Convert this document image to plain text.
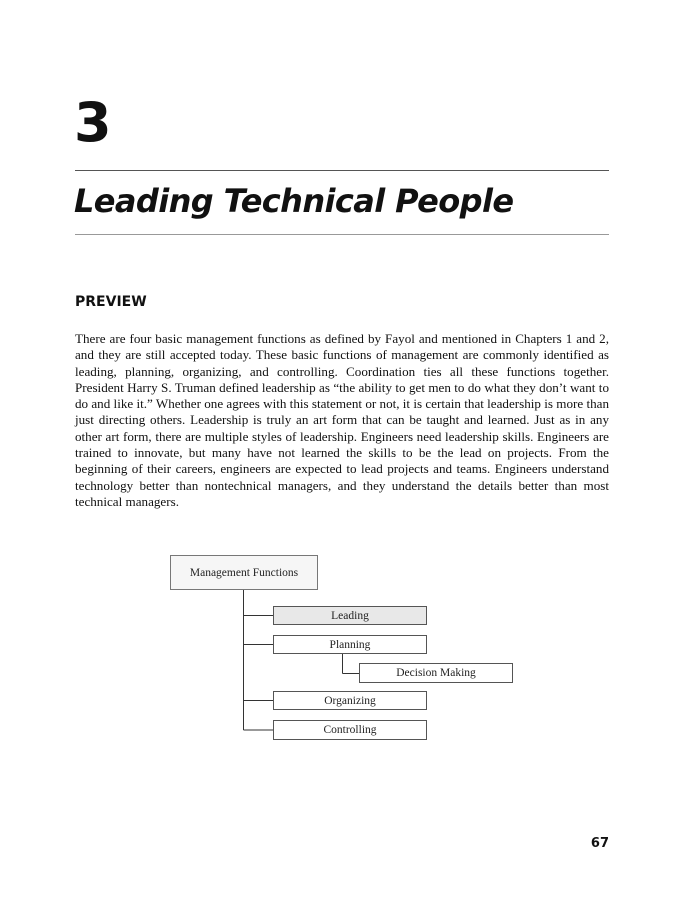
3
Leading Technical People
PREVIEW

There are four basic management functions as defined by Fayol and mentioned in Chapters 1 and 2, and they are still accepted today. These basic functions of management are commonly identified as leading, planning, organizing, and controlling. Coordination ties all these functions together. President Harry S. Truman defined leadership as “the ability to get men to do what they don’t want to do and like it.” Whether one agrees with this statement or not, it is certain that leadership is more than just directing others. Leadership is truly an art form that can be taught and learned. Just as in any other art form, there are multiple styles of leadership. Engineers need leadership skills. Engineers are trained to innovate, but many have not learned the skills to be the lead on projects. From the beginning of their careers, engineers are expected to lead projects and teams. Engineers understand technology better than nontechnical managers, and they understand the details better than most technical managers.

Management Functions
Leading
Planning
Decision Making
Organizing
Controlling
67
